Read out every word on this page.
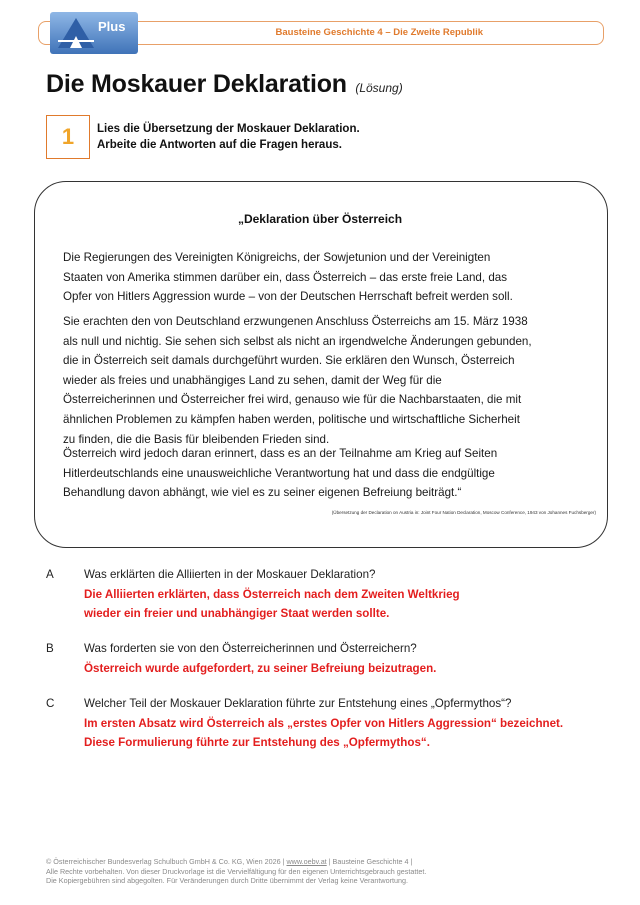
Bausteine Geschichte 4 – Die Zweite Republik
Plus
Die Moskauer Deklaration (Lösung)
1	Lies die Übersetzung der Moskauer Deklaration.
Arbeite die Antworten auf die Fragen heraus.
„Deklaration über Österreich
Die Regierungen des Vereinigten Königreichs, der Sowjetunion und der Vereinigten
Staaten von Amerika stimmen darüber ein, dass Österreich – das erste freie Land, das
Opfer von Hitlers Aggression wurde – von der Deutschen Herrschaft befreit werden soll.
Sie erachten den von Deutschland erzwungenen Anschluss Österreichs am 15. März 1938
als null und nichtig. Sie sehen sich selbst als nicht an irgendwelche Änderungen gebunden,
die in Österreich seit damals durchgeführt wurden. Sie erklären den Wunsch, Österreich
wieder als freies und unabhängiges Land zu sehen, damit der Weg für die
Österreicherinnen und Österreicher frei wird, genauso wie für die Nachbarstaaten, die mit
ähnlichen Problemen zu kämpfen haben werden, politische und wirtschaftliche Sicherheit
zu finden, die die Basis für bleibenden Frieden sind.
Österreich wird jedoch daran erinnert, dass es an der Teilnahme am Krieg auf Seiten
Hitlerdeutschlands eine unausweichliche Verantwortung hat und dass die endgültige
Behandlung davon abhängt, wie viel es zu seiner eigenen Befreiung beiträgt.“
(Übersetzung der Declaration on Austria in: Joint Four Nation Declaration, Moscow Conference, 1943 von Johannes Fuchsberger)
A	Was erklärten die Alliierten in der Moskauer Deklaration?
Die Alliierten erklärten, dass Österreich nach dem Zweiten Weltkrieg
wieder ein freier und unabhängiger Staat werden sollte.
B	Was forderten sie von den Österreicherinnen und Österreichern?
Österreich wurde aufgefordert, zu seiner Befreiung beizutragen.
C	Welcher Teil der Moskauer Deklaration führte zur Entstehung eines „Opfermythos“?
Im ersten Absatz wird Österreich als „erstes Opfer von Hitlers Aggression“ bezeichnet.
Diese Formulierung führte zur Entstehung des „Opfermythos“.
© Österreichischer Bundesverlag Schulbuch GmbH & Co. KG, Wien 2026 | www.oebv.at | Bausteine Geschichte 4 |
Alle Rechte vorbehalten. Von dieser Druckvorlage ist die Vervielfältigung für den eigenen Unterrichtsgebrauch gestattet.
Die Kopiergebühren sind abgegolten. Für Veränderungen durch Dritte übernimmt der Verlag keine Verantwortung.
